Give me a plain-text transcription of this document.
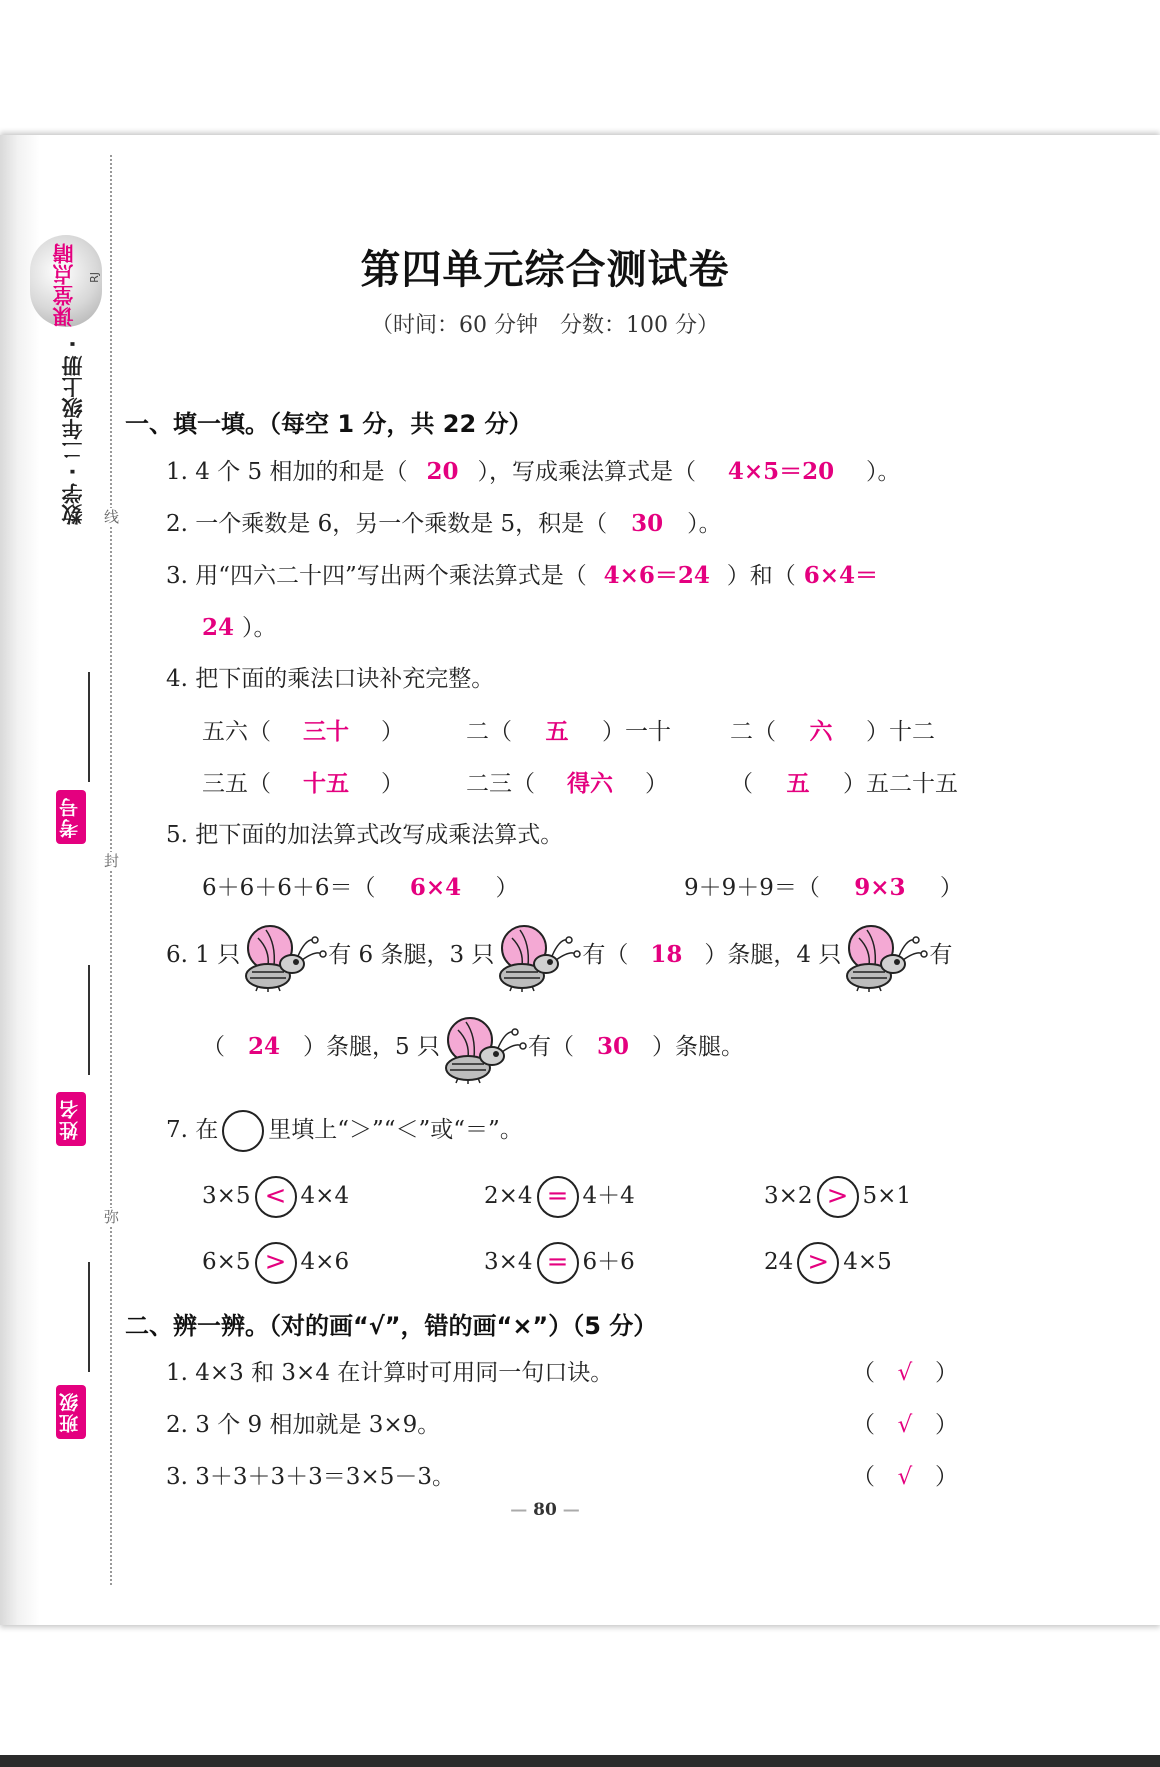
线
封
弥
课堂点睛 RJ
数学 · 二年级上册 ·
考号
姓名
班级
第四单元综合测试卷
（时间：60 分钟　分数：100 分）
一、填一填。（每空 1 分，共 22 分）
1. 4 个 5 相加的和是（ 20 ），写成乘法算式是（ 4×5＝20 ）。
2. 一个乘数是 6，另一个乘数是 5，积是（ 30 ）。
3. 用“四六二十四”写出两个乘法算式是（ 4×6＝24 ）和（ 6×4＝
24 ）。
4. 把下面的乘法口诀补充完整。
五六（ 三十 ）	二（ 五 ）一十	二（ 六 ）十二
三五（ 十五 ）	二三（ 得六 ）	（ 五 ）五二十五
5. 把下面的加法算式改写成乘法算式。
6＋6＋6＋6＝（ 6×4 ）	9＋9＋9＝（ 9×3 ）
6. 1 只	有 6 条腿，3 只	有（ 18 ）条腿，4 只	有
（ 24 ）条腿，5 只	有（ 30 ）条腿。
7. 在 里填上“＞”“＜”或“＝”。
3×5 < 4×4	2×4 = 4＋4	3×2 > 5×1
6×5 > 4×6	3×4 = 6＋6	24 > 4×5
二、辨一辨。（对的画“√”，错的画“×”）（5 分）
1. 4×3 和 3×4 在计算时可用同一句口诀。	（ √ ）
2. 3 个 9 相加就是 3×9。	（ √ ）
3. 3＋3＋3＋3＝3×5－3。	（ √ ）
— 80 —
